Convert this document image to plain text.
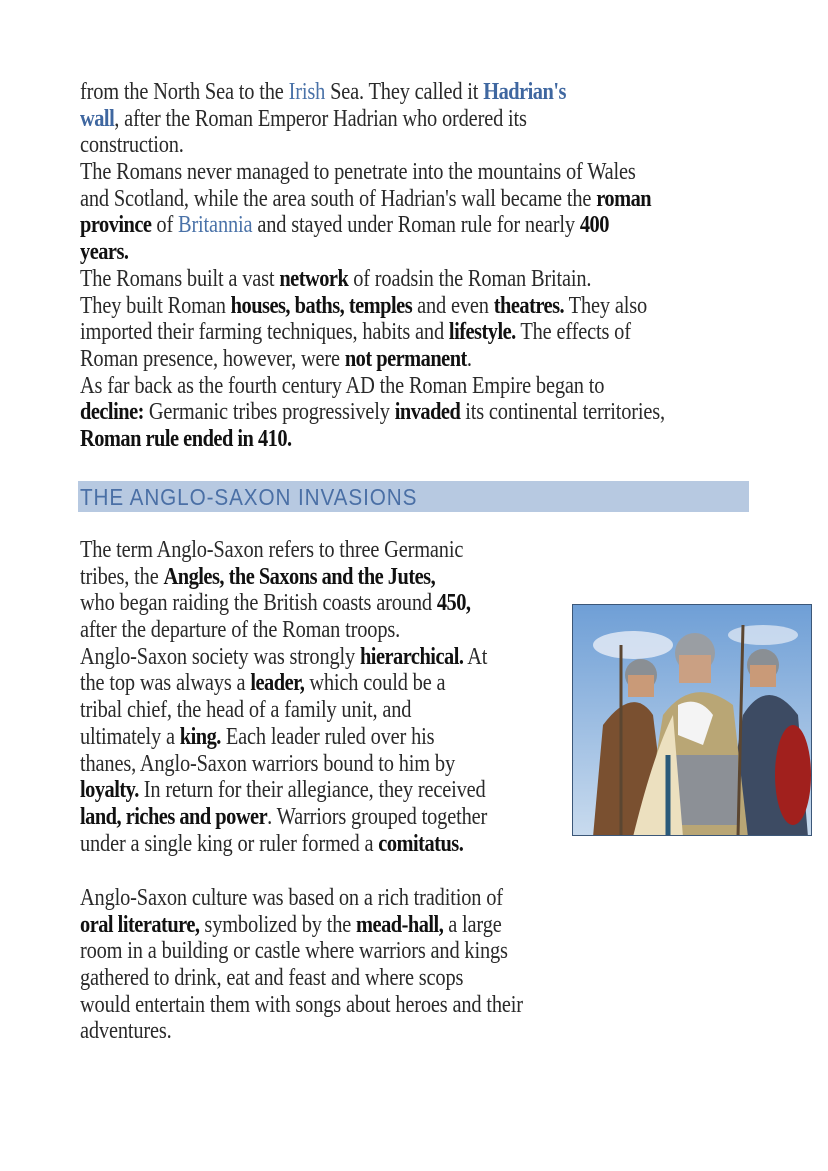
from the North Sea to the Irish Sea. They called it Hadrian's
wall, after the Roman Emperor Hadrian who ordered its
construction.
The Romans never managed to penetrate into the mountains of Wales
and Scotland, while the area south of Hadrian's wall became the roman
province of Britannia and stayed under Roman rule for nearly 400
years.
The Romans built a vast network of roadsin the Roman Britain.
They built Roman houses, baths, temples and even theatres. They also
imported their farming techniques, habits and lifestyle. The effects of
Roman presence, however, were not permanent.
As far back as the fourth century AD the Roman Empire began to
decline: Germanic tribes progressively invaded its continental territories,
Roman rule ended in 410.
THE ANGLO-SAXON INVASIONS
The term Anglo-Saxon refers to three Germanic
tribes, the Angles, the Saxons and the Jutes,
who began raiding the British coasts around 450,
after the departure of the Roman troops.
Anglo-Saxon society was strongly hierarchical. At
the top was always a leader, which could be a
tribal chief, the head of a family unit, and
ultimately a king. Each leader ruled over his
thanes, Anglo-Saxon warriors bound to him by
loyalty. In return for their allegiance, they received
land, riches and power. Warriors grouped together
under a single king or ruler formed a comitatus.
Anglo-Saxon culture was based on a rich tradition of
oral literature, symbolized by the mead-hall, a large
room in a building or castle where warriors and kings
gathered to drink, eat and feast and where scops
would entertain them with songs about heroes and their
adventures.
